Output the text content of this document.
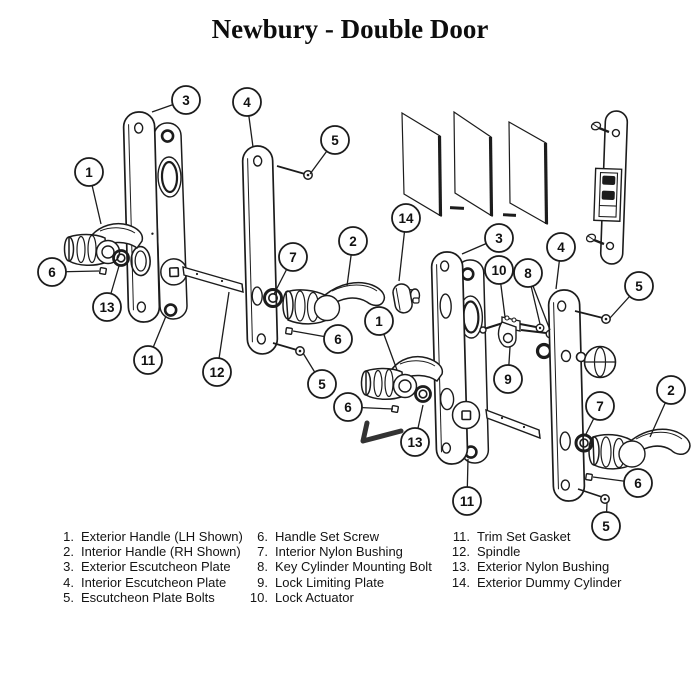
Newbury - Double Door
3	4
5
1
6
13
11
12
7
2
6
5
14
3
10 8
4
5
1
9
2
7
6
13
11
6
5
1. Exterior Handle (LH Shown)
2. Interior Handle (RH Shown)
3. Exterior Escutcheon Plate
4. Interior Escutcheon Plate
5. Escutcheon Plate Bolts
6. Handle Set Screw
7. Interior Nylon Bushing
8. Key Cylinder Mounting Bolt
9. Lock Limiting Plate
10. Lock Actuator
11. Trim Set Gasket
12. Spindle
13. Exterior Nylon Bushing
14. Exterior Dummy Cylinder
